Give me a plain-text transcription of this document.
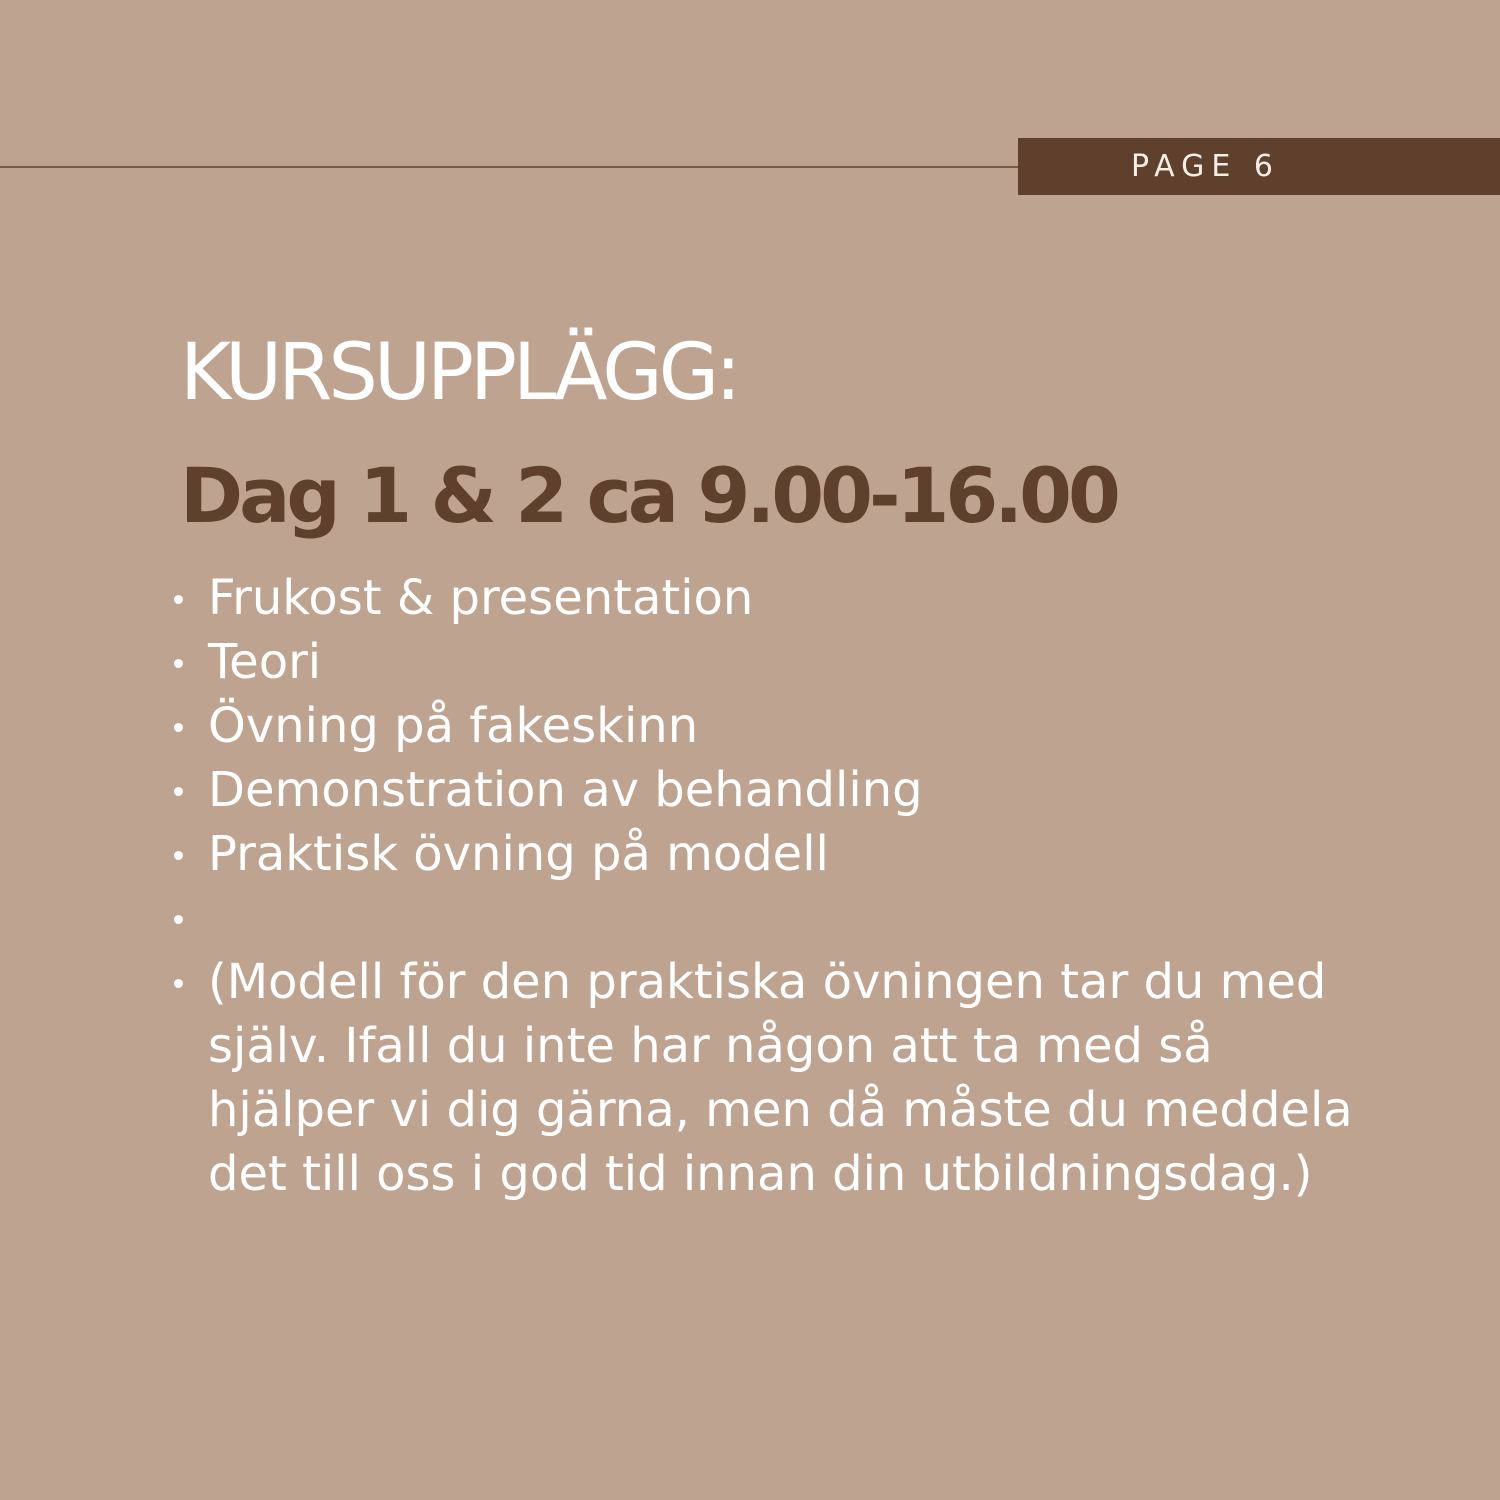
PAGE 6
KURSUPPLÄGG:
Dag 1 & 2 ca 9.00-16.00
Frukost & presentation
Teori
Övning på fakeskinn
Demonstration av behandling
Praktisk övning på modell
(Modell för den praktiska övningen tar du med själv. Ifall du inte har någon att ta med så hjälper vi dig gärna, men då måste du meddela det till oss i god tid innan din utbildningsdag.)
